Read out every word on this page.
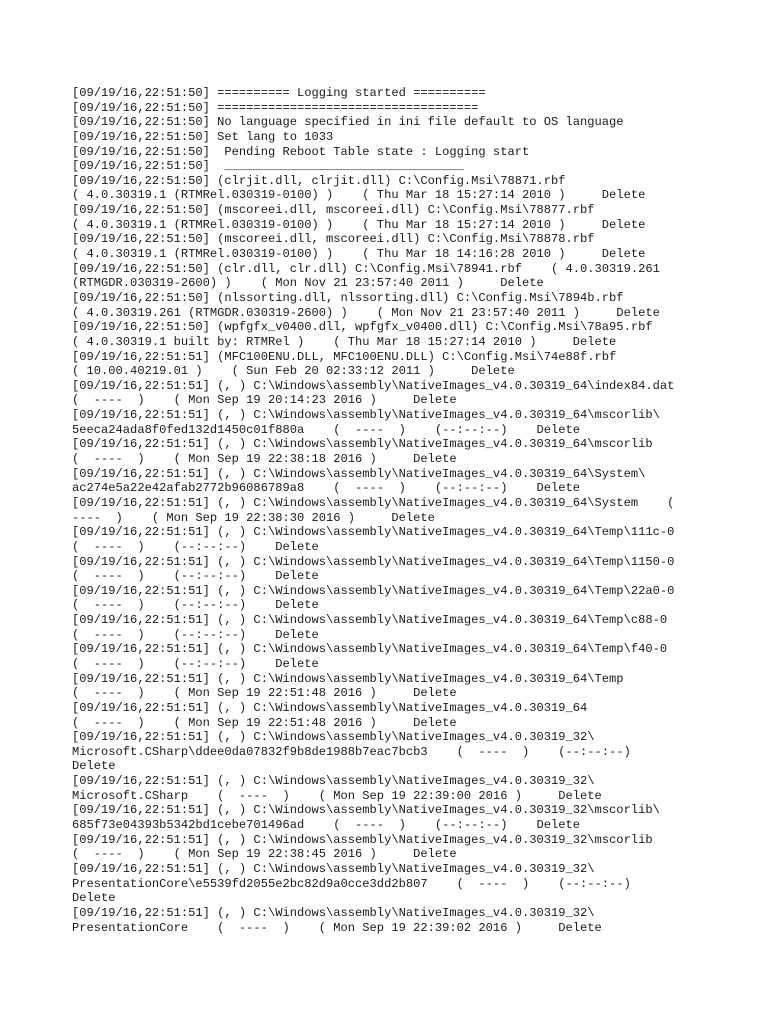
[09/19/16,22:51:50] ========== Logging started ==========
[09/19/16,22:51:50] ====================================
[09/19/16,22:51:50] No language specified in ini file default to OS language
[09/19/16,22:51:50] Set lang to 1033
[09/19/16,22:51:50]  Pending Reboot Table state : Logging start
[09/19/16,22:51:50]  _________________________________
[09/19/16,22:51:50] (clrjit.dll, clrjit.dll) C:\Config.Msi\78871.rbf
( 4.0.30319.1 (RTMRel.030319-0100) )    ( Thu Mar 18 15:27:14 2010 )     Delete
[09/19/16,22:51:50] (mscoreei.dll, mscoreei.dll) C:\Config.Msi\78877.rbf
( 4.0.30319.1 (RTMRel.030319-0100) )    ( Thu Mar 18 15:27:14 2010 )     Delete
[09/19/16,22:51:50] (mscoreei.dll, mscoreei.dll) C:\Config.Msi\78878.rbf
( 4.0.30319.1 (RTMRel.030319-0100) )    ( Thu Mar 18 14:16:28 2010 )     Delete
[09/19/16,22:51:50] (clr.dll, clr.dll) C:\Config.Msi\78941.rbf    ( 4.0.30319.261
(RTMGDR.030319-2600) )    ( Mon Nov 21 23:57:40 2011 )     Delete
[09/19/16,22:51:50] (nlssorting.dll, nlssorting.dll) C:\Config.Msi\7894b.rbf
( 4.0.30319.261 (RTMGDR.030319-2600) )    ( Mon Nov 21 23:57:40 2011 )     Delete
[09/19/16,22:51:50] (wpfgfx_v0400.dll, wpfgfx_v0400.dll) C:\Config.Msi\78a95.rbf
( 4.0.30319.1 built by: RTMRel )    ( Thu Mar 18 15:27:14 2010 )     Delete
[09/19/16,22:51:51] (MFC100ENU.DLL, MFC100ENU.DLL) C:\Config.Msi\74e88f.rbf
( 10.00.40219.01 )    ( Sun Feb 20 02:33:12 2011 )     Delete
[09/19/16,22:51:51] (, ) C:\Windows\assembly\NativeImages_v4.0.30319_64\index84.dat
(  ----  )    ( Mon Sep 19 20:14:23 2016 )     Delete
[09/19/16,22:51:51] (, ) C:\Windows\assembly\NativeImages_v4.0.30319_64\mscorlib\
5eeca24ada8f0fed132d1450c01f880a    (  ----  )    (--:--:--)    Delete
[09/19/16,22:51:51] (, ) C:\Windows\assembly\NativeImages_v4.0.30319_64\mscorlib
(  ----  )    ( Mon Sep 19 22:38:18 2016 )     Delete
[09/19/16,22:51:51] (, ) C:\Windows\assembly\NativeImages_v4.0.30319_64\System\
ac274e5a22e42afab2772b96086789a8    (  ----  )    (--:--:--)    Delete
[09/19/16,22:51:51] (, ) C:\Windows\assembly\NativeImages_v4.0.30319_64\System    (
----  )    ( Mon Sep 19 22:38:30 2016 )     Delete
[09/19/16,22:51:51] (, ) C:\Windows\assembly\NativeImages_v4.0.30319_64\Temp\111c-0
(  ----  )    (--:--:--)    Delete
[09/19/16,22:51:51] (, ) C:\Windows\assembly\NativeImages_v4.0.30319_64\Temp\1150-0
(  ----  )    (--:--:--)    Delete
[09/19/16,22:51:51] (, ) C:\Windows\assembly\NativeImages_v4.0.30319_64\Temp\22a0-0
(  ----  )    (--:--:--)    Delete
[09/19/16,22:51:51] (, ) C:\Windows\assembly\NativeImages_v4.0.30319_64\Temp\c88-0
(  ----  )    (--:--:--)    Delete
[09/19/16,22:51:51] (, ) C:\Windows\assembly\NativeImages_v4.0.30319_64\Temp\f40-0
(  ----  )    (--:--:--)    Delete
[09/19/16,22:51:51] (, ) C:\Windows\assembly\NativeImages_v4.0.30319_64\Temp
(  ----  )    ( Mon Sep 19 22:51:48 2016 )     Delete
[09/19/16,22:51:51] (, ) C:\Windows\assembly\NativeImages_v4.0.30319_64
(  ----  )    ( Mon Sep 19 22:51:48 2016 )     Delete
[09/19/16,22:51:51] (, ) C:\Windows\assembly\NativeImages_v4.0.30319_32\
Microsoft.CSharp\ddee0da07832f9b8de1988b7eac7bcb3    (  ----  )    (--:--:--)
Delete
[09/19/16,22:51:51] (, ) C:\Windows\assembly\NativeImages_v4.0.30319_32\
Microsoft.CSharp    (  ----  )    ( Mon Sep 19 22:39:00 2016 )     Delete
[09/19/16,22:51:51] (, ) C:\Windows\assembly\NativeImages_v4.0.30319_32\mscorlib\
685f73e04393b5342bd1cebe701496ad    (  ----  )    (--:--:--)    Delete
[09/19/16,22:51:51] (, ) C:\Windows\assembly\NativeImages_v4.0.30319_32\mscorlib
(  ----  )    ( Mon Sep 19 22:38:45 2016 )     Delete
[09/19/16,22:51:51] (, ) C:\Windows\assembly\NativeImages_v4.0.30319_32\
PresentationCore\e5539fd2055e2bc82d9a0cce3dd2b807    (  ----  )    (--:--:--)
Delete
[09/19/16,22:51:51] (, ) C:\Windows\assembly\NativeImages_v4.0.30319_32\
PresentationCore    (  ----  )    ( Mon Sep 19 22:39:02 2016 )     Delete
